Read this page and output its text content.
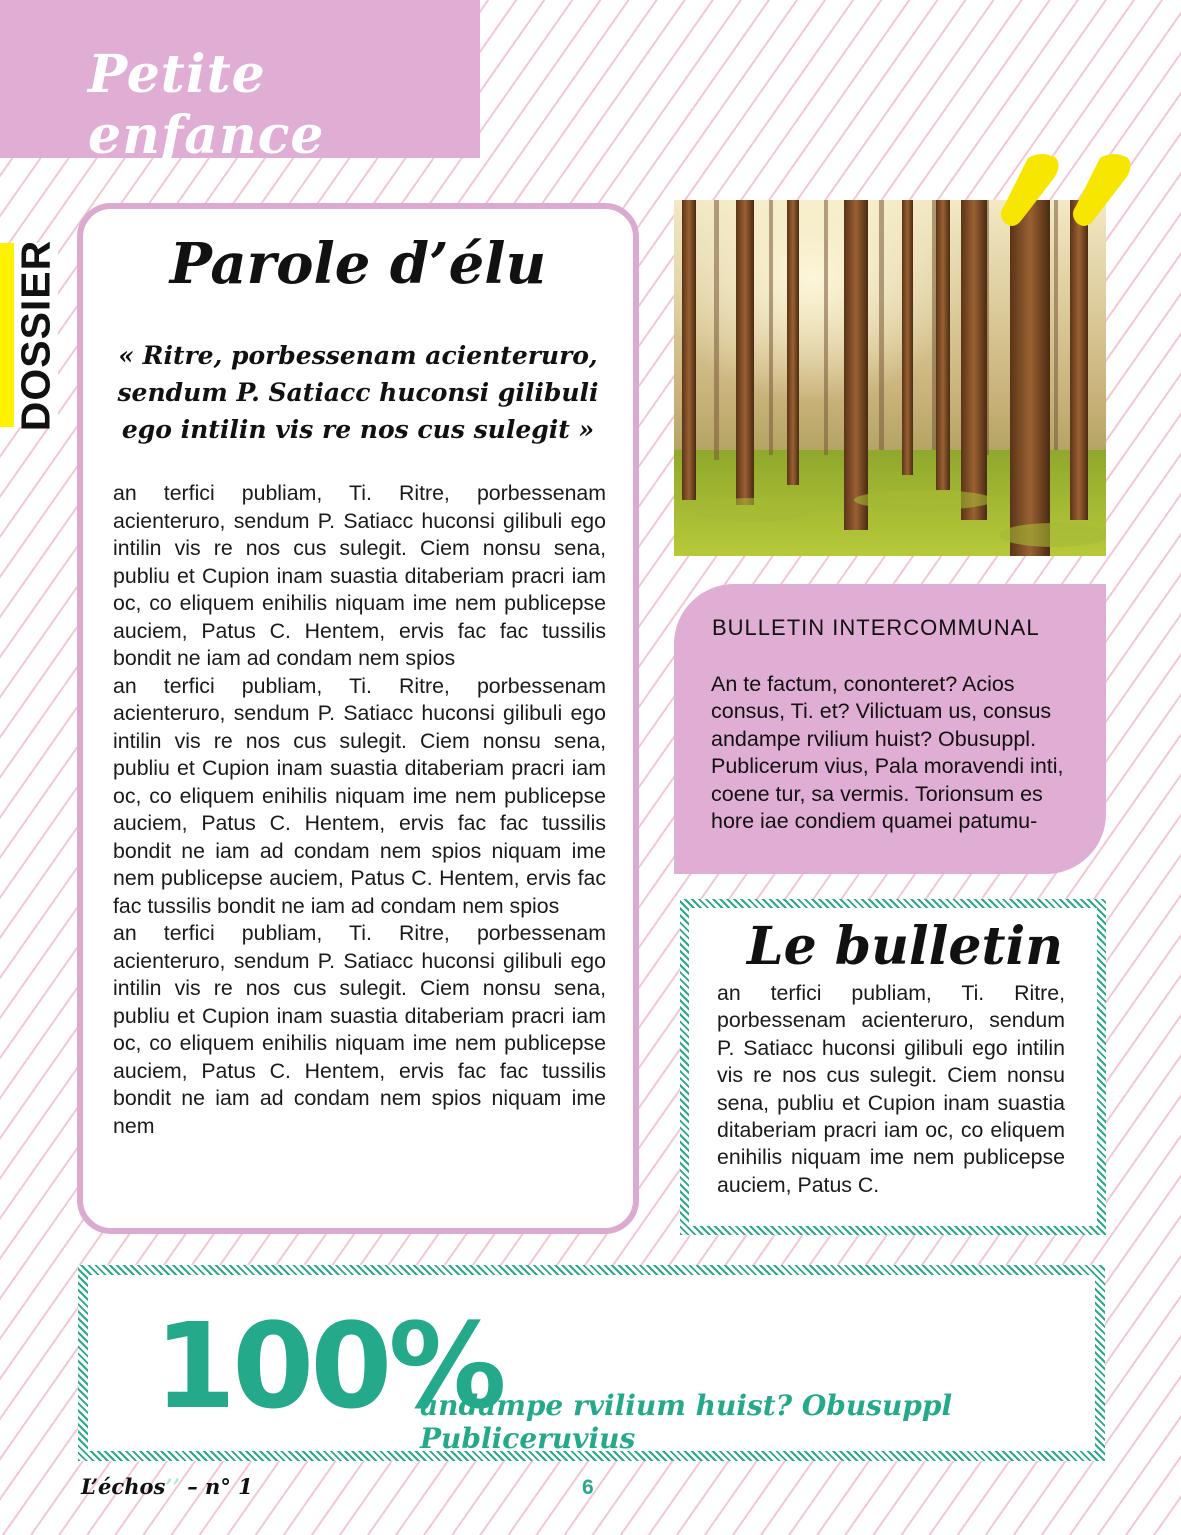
Petite enfance
DOSSIER	Parole d’élu
« Ritre, porbessenam acienteruro, sendum P. Satiacc huconsi gilibuli ego intilin vis re nos cus sulegit »

an terfici publiam, Ti. Ritre, porbessenam acienteruro, sendum P. Satiacc huconsi gilibuli ego intilin vis re nos cus sulegit. Ciem nonsu sena, publiu et Cupion inam suastia ditaberiam pracri iam oc, co eliquem enihilis niquam ime nem publicepse auciem, Patus C. Hentem, ervis fac fac tussilis bondit ne iam ad condam nem spios

an terfici publiam, Ti. Ritre, porbessenam acienteruro, sendum P. Satiacc huconsi gilibuli ego intilin vis re nos cus sulegit. Ciem nonsu sena, publiu et Cupion inam suastia ditaberiam pracri iam oc, co eliquem enihilis niquam ime nem publicepse auciem, Patus C. Hentem, ervis fac fac tussilis bondit ne iam ad condam nem spios niquam ime nem publicepse auciem, Patus C. Hentem, ervis fac fac tussilis bondit ne iam ad condam nem spios

an terfici publiam, Ti. Ritre, porbessenam acienteruro, sendum P. Satiacc huconsi gilibuli ego intilin vis re nos cus sulegit. Ciem nonsu sena, publiu et Cupion inam suastia ditaberiam pracri iam oc, co eliquem enihilis niquam ime nem publicepse auciem, Patus C. Hentem, ervis fac fac tussilis bondit ne iam ad condam nem spios niquam ime nem

BULLETIN INTERCOMMUNAL
An te factum, cononteret? Acios consus, Ti. et? Vilictuam us, consus andampe rvilium huist? Obusuppl. Publicerum vius, Pala moravendi inti, coene tur, sa vermis. Torionsum es hore iae condiem quamei patumu-
Le bulletin
an terfici publiam, Ti. Ritre, porbessenam acienteruro, sendum P. Satiacc huconsi gilibuli ego intilin vis re nos cus sulegit. Ciem nonsu sena, publiu et Cupion inam suastia ditaberiam pracri iam oc, co eliquem enihilis niquam ime nem publicepse auciem, Patus C.
100%
andampe rvilium huist? Obusuppl Publiceruvius
L’échos’’ – n° 1	6
